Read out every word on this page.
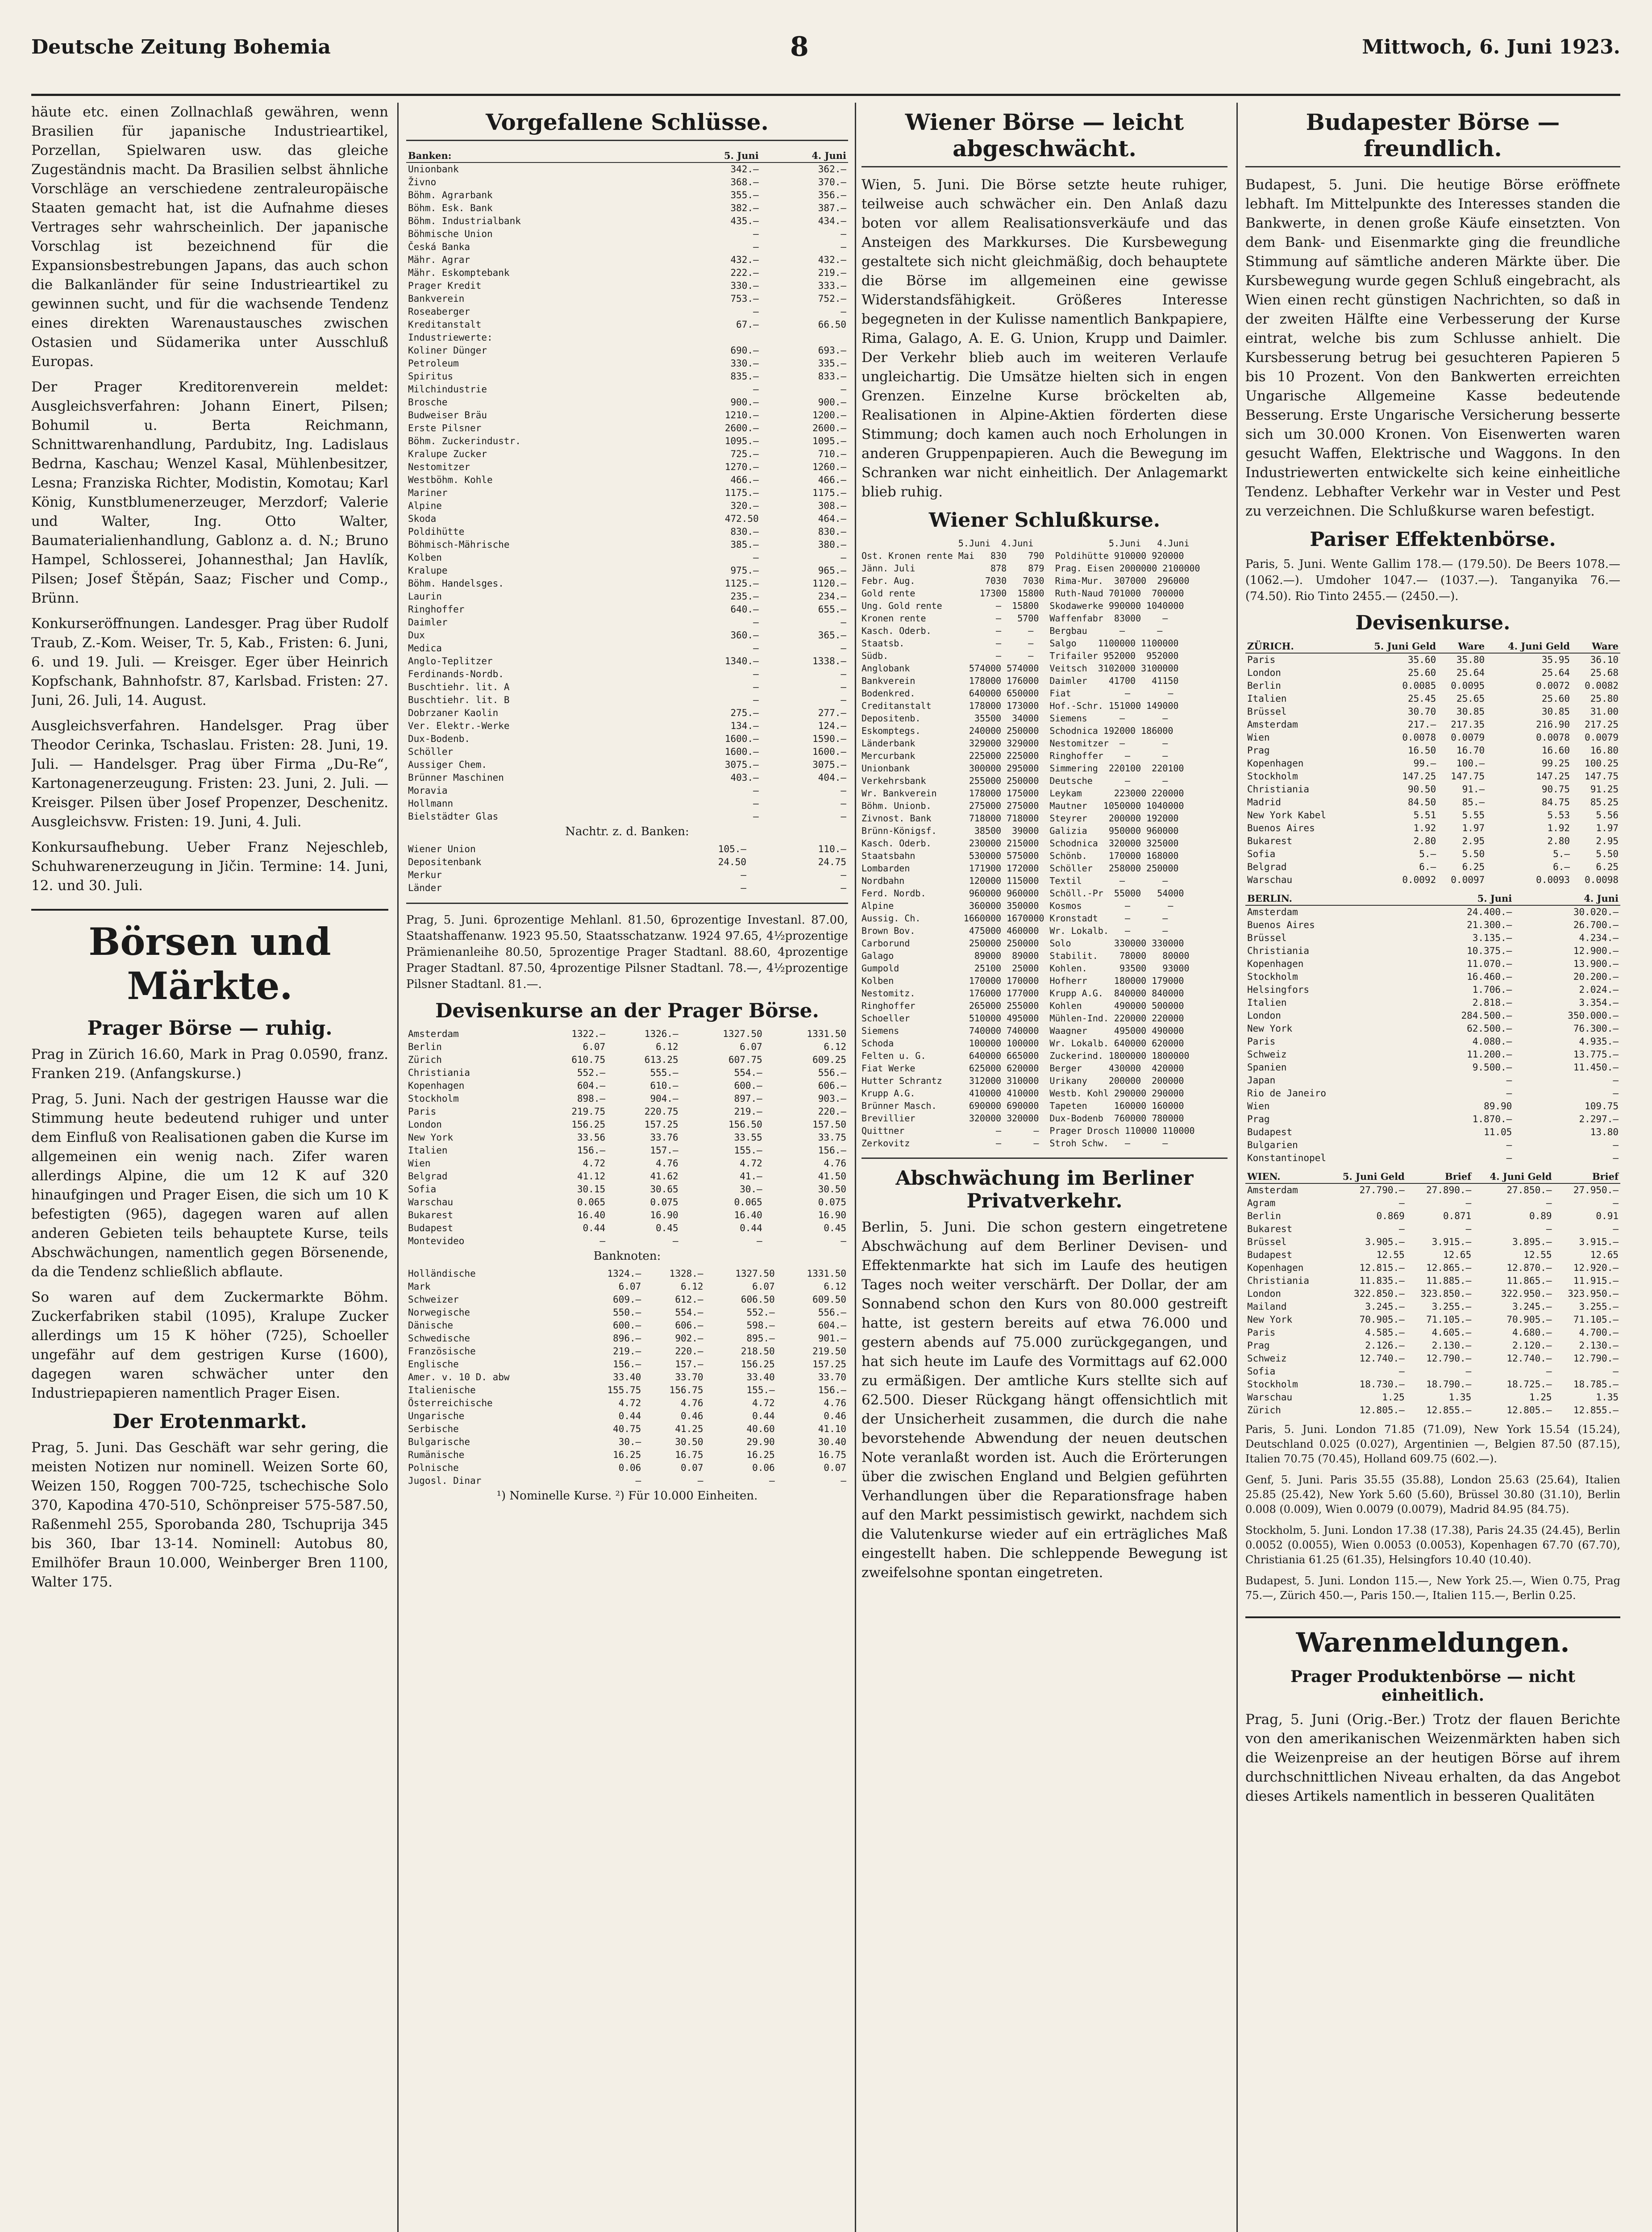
Deutsche Zeitung Bohemia	8	Mittwoch, 6. Juni 1923.

häute etc. einen Zollnachlaß gewähren, wenn Brasilien für japanische Industrieartikel, Porzellan, Spielwaren usw. das gleiche Zugeständnis macht. Da Brasilien selbst ähnliche Vorschläge an verschiedene zentraleuropäische Staaten gemacht hat, ist die Aufnahme dieses Vertrages sehr wahrscheinlich. Der japanische Vorschlag ist bezeichnend für die Expansionsbestrebungen Japans, das auch schon die Balkanländer für seine Industrieartikel zu gewinnen sucht, und für die wachsende Tendenz eines direkten Warenaustausches zwischen Ostasien und Südamerika unter Ausschluß Europas.

Der Prager Kreditorenverein meldet: Ausgleichsverfahren: Johann Einert, Pilsen; Bohumil u. Berta Reichmann, Schnittwarenhandlung, Pardubitz, Ing. Ladislaus Bedrna, Kaschau; Wenzel Kasal, Mühlenbesitzer, Lesna; Franziska Richter, Modistin, Komotau; Karl König, Kunstblumenerzeuger, Merzdorf; Valerie und Walter, Ing. Otto Walter, Baumaterialienhandlung, Gablonz a. d. N.; Bruno Hampel, Schlosserei, Johannesthal; Jan Havlík, Pilsen; Josef Štěpán, Saaz; Fischer und Comp., Brünn.

Konkurseröffnungen. Landesger. Prag über Rudolf Traub, Z.-Kom. Weiser, Tr. 5, Kab., Fristen: 6. Juni, 6. und 19. Juli. — Kreisger. Eger über Heinrich Kopfschank, Bahnhofstr. 87, Karlsbad. Fristen: 27. Juni, 26. Juli, 14. August.

Ausgleichsverfahren. Handelsger. Prag über Theodor Cerinka, Tschaslau. Fristen: 28. Juni, 19. Juli. — Handelsger. Prag über Firma „Du-Re“, Kartonagenerzeugung. Fristen: 23. Juni, 2. Juli. — Kreisger. Pilsen über Josef Propenzer, Deschenitz. Ausgleichsvw. Fristen: 19. Juni, 4. Juli.

Konkursaufhebung. Ueber Franz Nejeschleb, Schuhwarenerzeugung in Jičin. Termine: 14. Juni, 12. und 30. Juli.

Börsen und Märkte.
Prager Börse — ruhig.

Prag in Zürich 16.60, Mark in Prag 0.0590, franz. Franken 219. (Anfangskurse.)

Prag, 5. Juni. Nach der gestrigen Hausse war die Stimmung heute bedeutend ruhiger und unter dem Einfluß von Realisationen gaben die Kurse im allgemeinen ein wenig nach. Zifer waren allerdings Alpine, die um 12 K auf 320 hinaufgingen und Prager Eisen, die sich um 10 K befestigten (965), dagegen waren auf allen anderen Gebieten teils behauptete Kurse, teils Abschwächungen, namentlich gegen Börsenende, da die Tendenz schließlich abflaute.

So waren auf dem Zuckermarkte Böhm. Zuckerfabriken stabil (1095), Kralupe Zucker allerdings um 15 K höher (725), Schoeller ungefähr auf dem gestrigen Kurse (1600), dagegen waren schwächer unter den Industriepapieren namentlich Prager Eisen.

Der Erotenmarkt.

Prag, 5. Juni. Das Geschäft war sehr gering, die meisten Notizen nur nominell. Weizen Sorte 60, Weizen 150, Roggen 700-725, tschechische Solo 370, Kapodina 470-510, Schönpreiser 575-587.50, Raßenmehl 255, Sporobanda 280, Tschuprija 345 bis 360, Ibar 13-14. Nominell: Autobus 80, Emilhöfer Braun 10.000, Weinberger Bren 1100, Walter 175.

Vorgefallene Schlüsse.
Banken:	5. Juni	4. Juni
Unionbank	342.—	362.—
Živno	368.—	370.—
Böhm. Agrarbank	355.—	356.—
Böhm. Esk. Bank	382.—	387.—
Böhm. Industrialbank	435.—	434.—
Böhmische Union	—	—
Česká Banka	—	—
Mähr. Agrar	432.—	432.—
Mähr. Eskomptebank	222.—	219.—
Prager Kredit	330.—	333.—
Bankverein	753.—	752.—
Roseaberger	—	—
Kreditanstalt	67.—	66.50
Industriewerte:		
Koliner Dünger	690.—	693.—
Petroleum	330.—	335.—
Spiritus	835.—	833.—
Milchindustrie	—	—
Brosche	900.—	900.—
Budweiser Bräu	1210.—	1200.—
Erste Pilsner	2600.—	2600.—
Böhm. Zuckerindustr.	1095.—	1095.—
Kralupe Zucker	725.—	710.—
Nestomitzer	1270.—	1260.—
Westböhm. Kohle	466.—	466.—
Mariner	1175.—	1175.—
Alpine	320.—	308.—
Skoda	472.50	464.—
Poldihütte	830.—	830.—
Böhmisch-Mährische	385.—	380.—
Kolben	—	—
Kralupe	975.—	965.—
Böhm. Handelsges.	1125.—	1120.—
Laurin	235.—	234.—
Ringhoffer	640.—	655.—
Daimler	—	—
Dux	360.—	365.—
Medica	—	—
Anglo-Teplitzer	1340.—	1338.—
Ferdinands-Nordb.	—	—
Buschtiehr. lit. A	—	—
Buschtiehr. lit. B	—	—
Dobrzaner Kaolin	275.—	277.—
Ver. Elektr.-Werke	134.—	124.—
Dux-Bodenb.	1600.—	1590.—
Schöller	1600.—	1600.—
Aussiger Chem.	3075.—	3075.—
Brünner Maschinen	403.—	404.—
Moravia	—	—
Hollmann	—	—
Bielstädter Glas	—	—
Nachtr. z. d. Banken:
Wiener Union	105.—	110.—
Depositenbank	24.50	24.75
Merkur	—	—
Länder	—	—

Prag, 5. Juni. 6prozentige Mehlanl. 81.50, 6prozentige Investanl. 87.00, Staatshaffenanw. 1923 95.50, Staatsschatzanw. 1924 97.65, 4½prozentige Prämienanleihe 80.50, 5prozentige Prager Stadtanl. 88.60, 4prozentige Prager Stadtanl. 87.50, 4prozentige Pilsner Stadtanl. 78.—, 4½prozentige Pilsner Stadtanl. 81.—.

Devisenkurse an der Prager Börse.
Amsterdam	1322.—	1326.—	1327.50	1331.50
Berlin	6.07	6.12	6.07	6.12
Zürich	610.75	613.25	607.75	609.25
Christiania	552.—	555.—	554.—	556.—
Kopenhagen	604.—	610.—	600.—	606.—
Stockholm	898.—	904.—	897.—	903.—
Paris	219.75	220.75	219.—	220.—
London	156.25	157.25	156.50	157.50
New York	33.56	33.76	33.55	33.75
Italien	156.—	157.—	155.—	156.—
Wien	4.72	4.76	4.72	4.76
Belgrad	41.12	41.62	41.—	41.50
Sofia	30.15	30.65	30.—	30.50
Warschau	0.065	0.075	0.065	0.075
Bukarest	16.40	16.90	16.40	16.90
Budapest	0.44	0.45	0.44	0.45
Montevideo	—	—	—	—
Banknoten:
Holländische	1324.—	1328.—	1327.50	1331.50
Mark	6.07	6.12	6.07	6.12
Schweizer	609.—	612.—	606.50	609.50
Norwegische	550.—	554.—	552.—	556.—
Dänische	600.—	606.—	598.—	604.—
Schwedische	896.—	902.—	895.—	901.—
Französische	219.—	220.—	218.50	219.50
Englische	156.—	157.—	156.25	157.25
Amer. v. 10 D. abw	33.40	33.70	33.40	33.70
Italienische	155.75	156.75	155.—	156.—
Österreichische	4.72	4.76	4.72	4.76
Ungarische	0.44	0.46	0.44	0.46
Serbische	40.75	41.25	40.60	41.10
Bulgarische	30.—	30.50	29.90	30.40
Rumänische	16.25	16.75	16.25	16.75
Polnische	0.06	0.07	0.06	0.07
Jugosl. Dinar	—	—	—	—
¹) Nominelle Kurse. ²) Für 10.000 Einheiten.
Wiener Börse — leicht abgeschwächt.

Wien, 5. Juni. Die Börse setzte heute ruhiger, teilweise auch schwächer ein. Den Anlaß dazu boten vor allem Realisationsverkäufe und das Ansteigen des Markkurses. Die Kursbewegung gestaltete sich nicht gleichmäßig, doch behauptete die Börse im allgemeinen eine gewisse Widerstandsfähigkeit. Größeres Interesse begegneten in der Kulisse namentlich Bankpapiere, Rima, Galago, A. E. G. Union, Krupp und Daimler. Der Verkehr blieb auch im weiteren Verlaufe ungleichartig. Die Umsätze hielten sich in engen Grenzen. Einzelne Kurse bröckelten ab, Realisationen in Alpine-Aktien förderten diese Stimmung; doch kamen auch noch Erholungen in anderen Gruppenpapieren. Auch die Bewegung im Schranken war nicht einheitlich. Der Anlagemarkt blieb ruhig.

Wiener Schlußkurse.
5.Juni  4.Juni              5.Juni   4.Juni
Ost. Kronen rente Mai   830    790  Poldihütte 910000 920000
Jänn. Juli              878    879  Prag. Eisen 2000000 2100000
Febr. Aug.             7030   7030  Rima-Mur.  307000  296000
Gold rente            17300  15800  Ruth-Naud 701000  700000
Ung. Gold rente          —  15800  Skodawerke 990000 1040000
Kronen rente             —   5700  Waffenfabr  83000    —
Kasch. Oderb.            —     —   Bergbau      —      —
Staatsb.                 —     —   Salgo    1100000 1100000
Südb.                    —     —   Trifailer 952000  952000
Anglobank           574000 574000  Veitsch  3102000 3100000
Bankverein          178000 176000  Daimler    41700   41150
Bodenkred.          640000 650000  Fiat          —       —
Creditanstalt       178000 173000  Hof.-Schr. 151000 149000
Depositenb.          35500  34000  Siemens      —       —
Eskomptegs.         240000 250000  Schodnica 192000 186000
Länderbank          329000 329000  Nestomitzer  —       —
Mercurbank          225000 225000  Ringhoffer    —      —
Unionbank           300000 295000  Simmering  220100  220100
Verkehrsbank        255000 250000  Deutsche      —      —
Wr. Bankverein      178000 175000  Leykam      223000 220000
Böhm. Unionb.       275000 275000  Mautner   1050000 1040000
Zivnost. Bank       718000 718000  Steyrer    200000 192000
Brünn-Königsf.       38500  39000  Galizia    950000 960000
Kasch. Oderb.       230000 215000  Schodnica  320000 325000
Staatsbahn          530000 575000  Schönb.    170000 168000
Lombarden           171900 172000  Schöller   258000 250000
Nordbahn            120000 115000  Textil       —       —
Ferd. Nordb.        960000 960000  Schöll.-Pr  55000   54000
Alpine              360000 350000  Kosmos        —       —
Aussig. Ch.        1660000 1670000 Kronstadt     —      —
Brown Bov.          475000 460000  Wr. Lokalb.   —      —
Carborund           250000 250000  Solo        330000 330000
Galago               89000  89000  Stabilit.    78000   80000
Gumpold              25100  25000  Kohlen.      93500   93000
Kolben              170000 170000  Hofherr     180000 179000
Nestomitz.          176000 177000  Krupp A.G.  840000 840000
Ringhoffer          265000 255000  Kohlen      490000 500000
Schoeller           510000 495000  Mühlen-Ind. 220000 220000
Siemens             740000 740000  Waagner     495000 490000
Schoda              100000 100000  Wr. Lokalb. 640000 620000
Felten u. G.        640000 665000  Zuckerind. 1800000 1800000
Fiat Werke          625000 620000  Berger     430000  420000
Hutter Schrantz     312000 310000  Urikany    200000  200000
Krupp A.G.          410000 410000  Westb. Kohl 290000 290000
Brünner Masch.      690000 690000  Tapeten     160000 160000
Brevillier          320000 320000  Dux-Bodenb  760000 780000
Quittner                 —      —  Prager Drosch 110000 110000
Zerkovitz                —      —  Stroh Schw.   —      —
Abschwächung im Berliner Privatverkehr.

Berlin, 5. Juni. Die schon gestern eingetretene Abschwächung auf dem Berliner Devisen- und Effektenmarkte hat sich im Laufe des heutigen Tages noch weiter verschärft. Der Dollar, der am Sonnabend schon den Kurs von 80.000 gestreift hatte, ist gestern bereits auf etwa 76.000 und gestern abends auf 75.000 zurückgegangen, und hat sich heute im Laufe des Vormittags auf 62.000 zu ermäßigen. Der amtliche Kurs stellte sich auf 62.500. Dieser Rückgang hängt offensichtlich mit der Unsicherheit zusammen, die durch die nahe bevorstehende Abwendung der neuen deutschen Note veranlaßt worden ist. Auch die Erörterungen über die zwischen England und Belgien geführten Verhandlungen über die Reparationsfrage haben auf den Markt pessimistisch gewirkt, nachdem sich die Valutenkurse wieder auf ein erträgliches Maß eingestellt haben. Die schleppende Bewegung ist zweifelsohne spontan eingetreten.

Budapester Börse — freundlich.

Budapest, 5. Juni. Die heutige Börse eröffnete lebhaft. Im Mittelpunkte des Interesses standen die Bankwerte, in denen große Käufe einsetzten. Von dem Bank- und Eisenmarkte ging die freundliche Stimmung auf sämtliche anderen Märkte über. Die Kursbewegung wurde gegen Schluß eingebracht, als Wien einen recht günstigen Nachrichten, so daß in der zweiten Hälfte eine Verbesserung der Kurse eintrat, welche bis zum Schlusse anhielt. Die Kursbesserung betrug bei gesuchteren Papieren 5 bis 10 Prozent. Von den Bankwerten erreichten Ungarische Allgemeine Kasse bedeutende Besserung. Erste Ungarische Versicherung besserte sich um 30.000 Kronen. Von Eisenwerten waren gesucht Waffen, Elektrische und Waggons. In den Industriewerten entwickelte sich keine einheitliche Tendenz. Lebhafter Verkehr war in Vester und Pest zu verzeichnen. Die Schlußkurse waren befestigt.

Pariser Effektenbörse.

Paris, 5. Juni. Wente Gallim 178.— (179.50). De Beers 1078.— (1062.—). Umdoher 1047.— (1037.—). Tanganyika 76.— (74.50). Rio Tinto 2455.— (2450.—).

Devisenkurse.
ZÜRICH.	5. Juni Geld	Ware	4. Juni Geld	Ware
Paris	35.60	35.80	35.95	36.10
London	25.60	25.64	25.64	25.68
Berlin	0.0085	0.0095	0.0072	0.0082
Italien	25.45	25.65	25.60	25.80
Brüssel	30.70	30.85	30.85	31.00
Amsterdam	217.—	217.35	216.90	217.25
Wien	0.0078	0.0079	0.0078	0.0079
Prag	16.50	16.70	16.60	16.80
Kopenhagen	99.—	100.—	99.25	100.25
Stockholm	147.25	147.75	147.25	147.75
Christiania	90.50	91.—	90.75	91.25
Madrid	84.50	85.—	84.75	85.25
New York Kabel	5.51	5.55	5.53	5.56
Buenos Aires	1.92	1.97	1.92	1.97
Bukarest	2.80	2.95	2.80	2.95
Sofia	5.—	5.50	5.—	5.50
Belgrad	6.—	6.25	6.—	6.25
Warschau	0.0092	0.0097	0.0093	0.0098
BERLIN.	5. Juni	4. Juni
Amsterdam	24.400.—	30.020.—
Buenos Aires	21.300.—	26.700.—
Brüssel	3.135.—	4.234.—
Christiania	10.375.—	12.900.—
Kopenhagen	11.070.—	13.900.—
Stockholm	16.460.—	20.200.—
Helsingfors	1.706.—	2.024.—
Italien	2.818.—	3.354.—
London	284.500.—	350.000.—
New York	62.500.—	76.300.—
Paris	4.080.—	4.935.—
Schweiz	11.200.—	13.775.—
Spanien	9.500.—	11.450.—
Japan	—	—
Rio de Janeiro	—	—
Wien	89.90	109.75
Prag	1.870.—	2.297.—
Budapest	11.05	13.80
Bulgarien	—	—
Konstantinopel	—	—
WIEN.	5. Juni Geld	Brief	4. Juni Geld	Brief
Amsterdam	27.790.—	27.890.—	27.850.—	27.950.—
Agram	—	—	—	—
Berlin	0.869	0.871	0.89	0.91
Bukarest	—	—	—	—
Brüssel	3.905.—	3.915.—	3.895.—	3.915.—
Budapest	12.55	12.65	12.55	12.65
Kopenhagen	12.815.—	12.865.—	12.870.—	12.920.—
Christiania	11.835.—	11.885.—	11.865.—	11.915.—
London	322.850.—	323.850.—	322.950.—	323.950.—
Mailand	3.245.—	3.255.—	3.245.—	3.255.—
New York	70.905.—	71.105.—	70.905.—	71.105.—
Paris	4.585.—	4.605.—	4.680.—	4.700.—
Prag	2.126.—	2.130.—	2.120.—	2.130.—
Schweiz	12.740.—	12.790.—	12.740.—	12.790.—
Sofia	—	—	—	—
Stockholm	18.730.—	18.790.—	18.725.—	18.785.—
Warschau	1.25	1.35	1.25	1.35
Zürich	12.805.—	12.855.—	12.805.—	12.855.—

Paris, 5. Juni. London 71.85 (71.09), New York 15.54 (15.24), Deutschland 0.025 (0.027), Argentinien —, Belgien 87.50 (87.15), Italien 70.75 (70.45), Holland 609.75 (602.—).

Genf, 5. Juni. Paris 35.55 (35.88), London 25.63 (25.64), Italien 25.85 (25.42), New York 5.60 (5.60), Brüssel 30.80 (31.10), Berlin 0.008 (0.009), Wien 0.0079 (0.0079), Madrid 84.95 (84.75).

Stockholm, 5. Juni. London 17.38 (17.38), Paris 24.35 (24.45), Berlin 0.0052 (0.0055), Wien 0.0053 (0.0053), Kopenhagen 67.70 (67.70), Christiania 61.25 (61.35), Helsingfors 10.40 (10.40).

Budapest, 5. Juni. London 115.—, New York 25.—, Wien 0.75, Prag 75.—, Zürich 450.—, Paris 150.—, Italien 115.—, Berlin 0.25.

Warenmeldungen.
Prager Produktenbörse — nicht einheitlich.

Prag, 5. Juni (Orig.-Ber.) Trotz der flauen Berichte von den amerikanischen Weizenmärkten haben sich die Weizenpreise an der heutigen Börse auf ihrem durchschnittlichen Niveau erhalten, da das Angebot dieses Artikels namentlich in besseren Qualitäten
